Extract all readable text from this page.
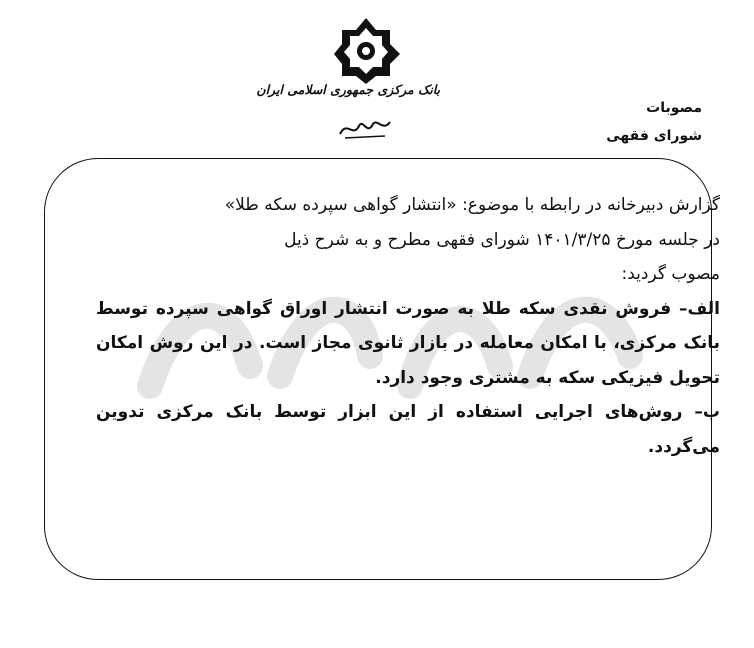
بانک مرکزی جمهوری اسلامی ایران
مصوبات
شورای فقهی

گزارش دبیرخانه در رابطه با موضوع: «انتشار گواهی سپرده سکه طلا»

در جلسه مورخ ۱۴۰۱/۳/۲۵ شورای فقهی مطرح و به شرح ذیل

مصوب گردید:

الف– فروش نقدی سکه طلا به صورت انتشار اوراق گواهی سپرده توسط بانک مرکزی، با امکان معامله در بازار ثانوی مجاز است. در این روش امکان تحویل فیزیکی سکه به مشتری وجود دارد.

ب– روش‌های اجرایی استفاده از این ابزار توسط بانک مرکزی تدوین می‌گردد.
